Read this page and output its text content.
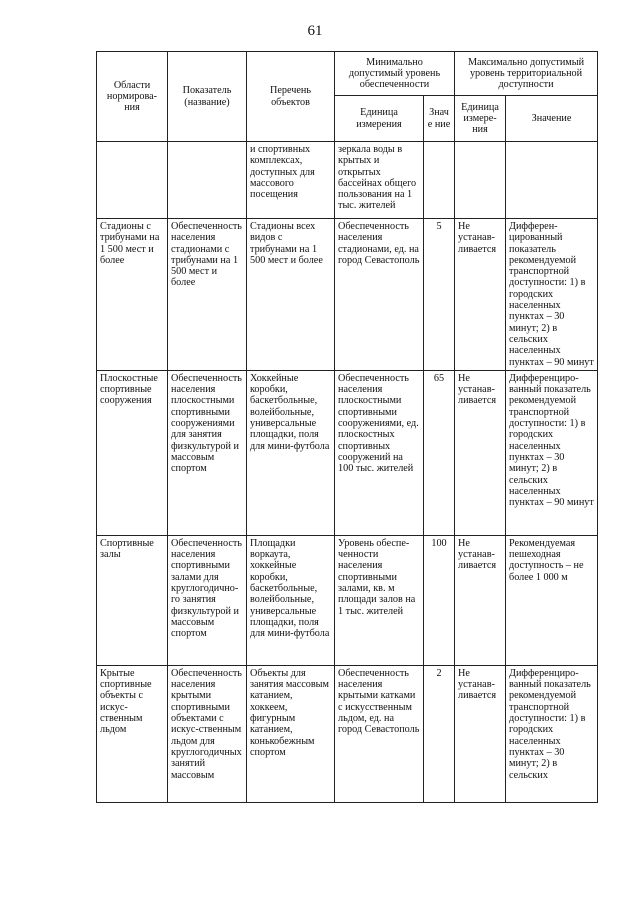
61
Области нормирова-ния	Показатель (название)	Перечень объектов	Минимально допустимый уровень обеспеченности		Максимально допустимый уровень территориальной доступности	
			Единица измерения	Значе ние	Единица измере-ния	Значение
		и спортивных комплексах, доступных для массового посещения	зеркала воды в крытых и открытых бассейнах общего пользования на 1 тыс. жителей			
Стадионы с трибунами на 1 500 мест и более	Обеспеченность населения стадионами с трибунами на 1 500 мест и более	Стадионы всех видов с трибунами на 1 500 мест и более	Обеспеченность населения стадионами, ед. на город Севастополь	5	Не устанав-ливается	Дифферен-цированный показатель рекомендуемой транспортной доступности: 1) в городских населенных пунктах – 30 минут; 2) в сельских населенных пунктах – 90 минут
Плоскостные спортивные сооружения	Обеспеченность населения плоскостными спортивными сооружениями для занятия физкультурой и массовым спортом	Хоккейные коробки, баскетбольные, волейбольные, универсальные площадки, поля для мини-футбола	Обеспеченность населения плоскостными спортивными сооружениями, ед. плоскостных спортивных сооружений на 100 тыс. жителей	65	Не устанав-ливается	Дифференциро-ванный показатель рекомендуемой транспортной доступности: 1) в городских населенных пунктах – 30 минут; 2) в сельских населенных пунктах – 90 минут
Спортивные залы	Обеспеченность населения спортивными залами для круглогодично-го занятия физкультурой и массовым спортом	Площадки воркаута, хоккейные коробки, баскетбольные, волейбольные, универсальные площадки, поля для мини-футбола	Уровень обеспе-ченности населения спортивными залами, кв. м площади залов на 1 тыс. жителей	100	Не устанав-ливается	Рекомендуемая пешеходная доступность – не более 1 000 м
Крытые спортивные объекты с искус-ственным льдом	Обеспеченность населения крытыми спортивными объектами с искус-ственным льдом для круглогодичных занятий массовым	Объекты для занятия массовым катанием, хоккеем, фигурным катанием, конькобежным спортом	Обеспеченность населения крытыми катками с искусственным льдом, ед. на город Севастополь	2	Не устанав-ливается	Дифференциро-ванный показатель рекомендуемой транспортной доступности: 1) в городских населенных пунктах – 30 минут; 2) в сельских
